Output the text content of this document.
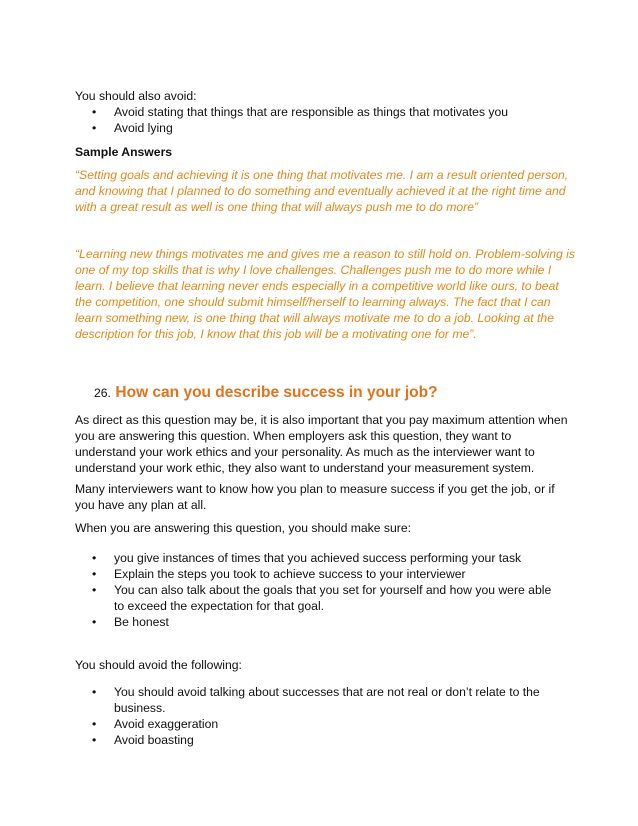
You should also avoid:

•	Avoid stating that things that are responsible as things that motivates you
•	Avoid lying

Sample Answers

“Setting goals and achieving it is one thing that motivates me. I am a result oriented person, and knowing that I planned to do something and eventually achieved it at the right time and with a great result as well is one thing that will always push me to do more”

“Learning new things motivates me and gives me a reason to still hold on. Problem-solving is one of my top skills that is why I love challenges. Challenges push me to do more while I learn. I believe that learning never ends especially in a competitive world like ours, to beat the competition, one should submit himself/herself to learning always. The fact that I can learn something new, is one thing that will always motivate me to do a job. Looking at the description for this job, I know that this job will be a motivating one for me”.

26. How can you describe success in your job?

As direct as this question may be, it is also important that you pay maximum attention when you are answering this question. When employers ask this question, they want to understand your work ethics and your personality. As much as the interviewer want to understand your work ethic, they also want to understand your measurement system.

Many interviewers want to know how you plan to measure success if you get the job, or if you have any plan at all.

When you are answering this question, you should make sure:

•	you give instances of times that you achieved success performing your task
•	Explain the steps you took to achieve success to your interviewer
•	You can also talk about the goals that you set for yourself and how you were able to exceed the expectation for that goal.
•	Be honest

You should avoid the following:

•	You should avoid talking about successes that are not real or don’t relate to the business.
•	Avoid exaggeration
•	Avoid boasting
